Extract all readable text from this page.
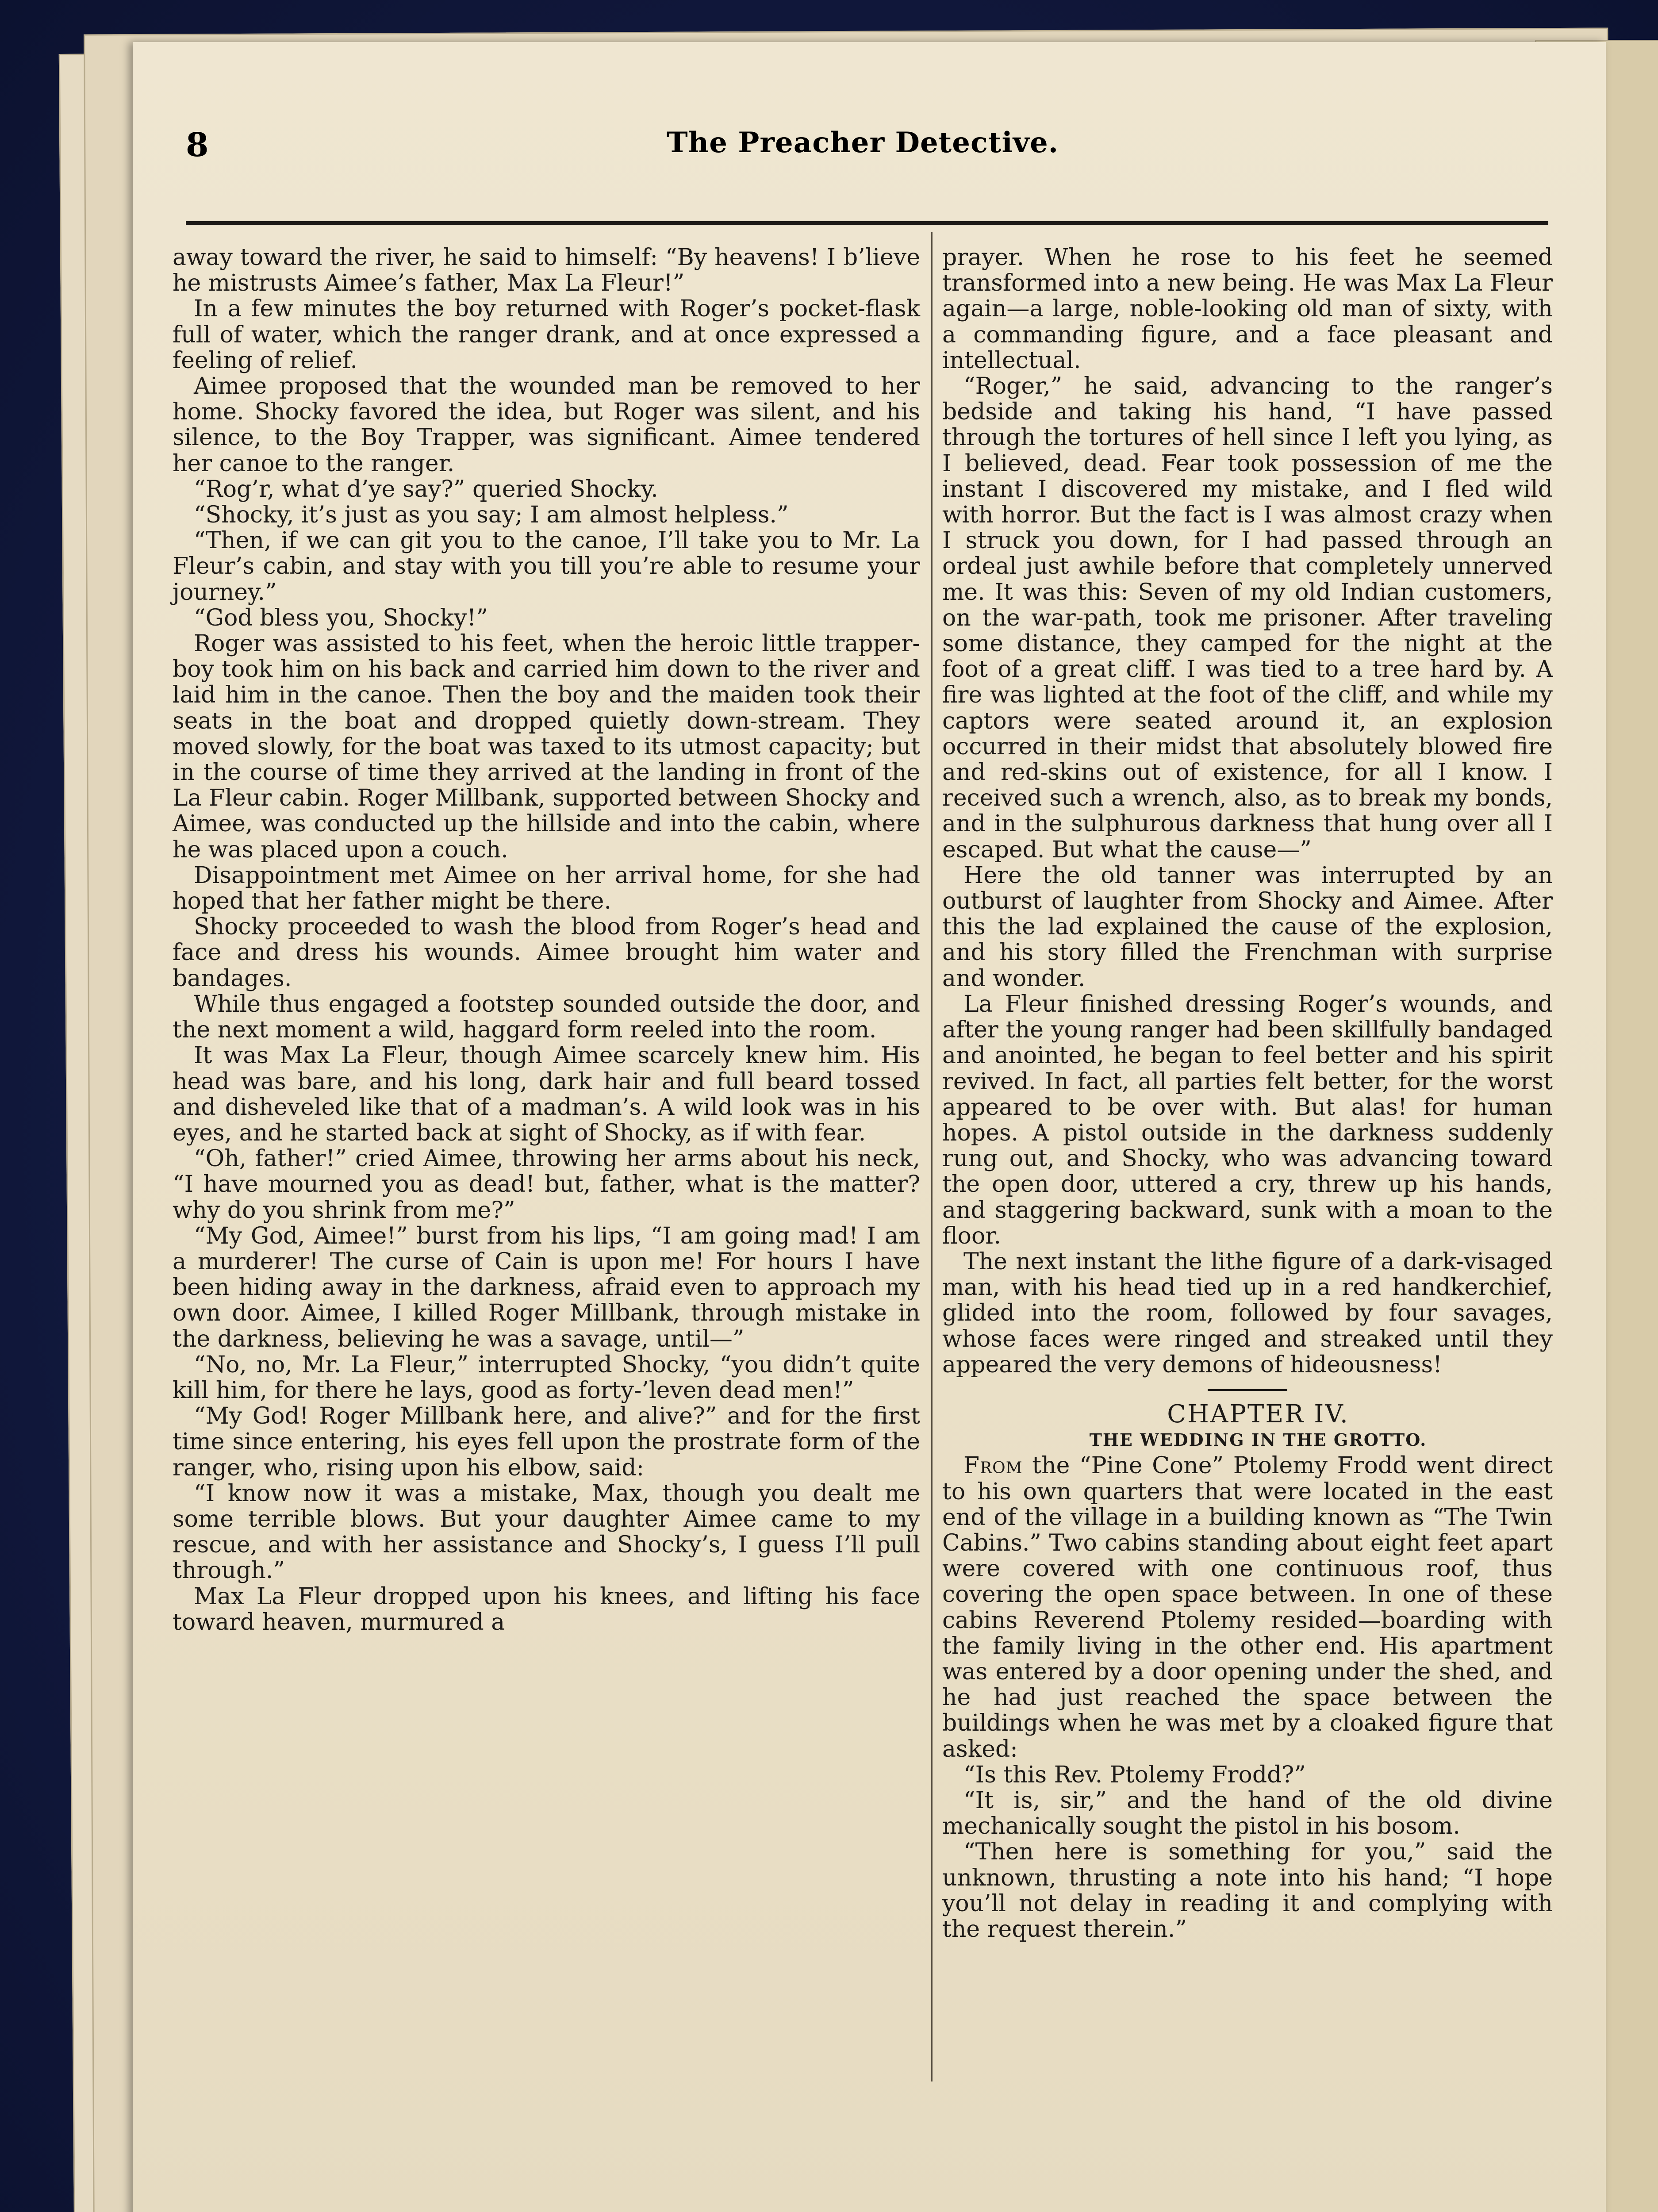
8	The Preacher Detective.

away toward the river, he said to himself: “By heavens! I b’lieve he mistrusts Aimee’s father, Max La Fleur!”

In a few minutes the boy returned with Roger’s pocket-flask full of water, which the ranger drank, and at once expressed a feeling of relief.

Aimee proposed that the wounded man be removed to her home. Shocky favored the idea, but Roger was silent, and his silence, to the Boy Trapper, was significant. Aimee tendered her canoe to the ranger.

“Rog’r, what d’ye say?” queried Shocky.

“Shocky, it’s just as you say; I am almost helpless.”

“Then, if we can git you to the canoe, I’ll take you to Mr. La Fleur’s cabin, and stay with you till you’re able to resume your journey.”

“God bless you, Shocky!”

Roger was assisted to his feet, when the heroic little trapper-boy took him on his back and carried him down to the river and laid him in the canoe. Then the boy and the maiden took their seats in the boat and dropped quietly down-stream. They moved slowly, for the boat was taxed to its utmost capacity; but in the course of time they arrived at the landing in front of the La Fleur cabin. Roger Millbank, supported between Shocky and Aimee, was conducted up the hillside and into the cabin, where he was placed upon a couch.

Disappointment met Aimee on her arrival home, for she had hoped that her father might be there.

Shocky proceeded to wash the blood from Roger’s head and face and dress his wounds. Aimee brought him water and bandages.

While thus engaged a footstep sounded outside the door, and the next moment a wild, haggard form reeled into the room.

It was Max La Fleur, though Aimee scarcely knew him. His head was bare, and his long, dark hair and full beard tossed and disheveled like that of a madman’s. A wild look was in his eyes, and he started back at sight of Shocky, as if with fear.

“Oh, father!” cried Aimee, throwing her arms about his neck, “I have mourned you as dead! but, father, what is the matter? why do you shrink from me?”

“My God, Aimee!” burst from his lips, “I am going mad! I am a murderer! The curse of Cain is upon me! For hours I have been hiding away in the darkness, afraid even to approach my own door. Aimee, I killed Roger Millbank, through mistake in the darkness, believing he was a savage, until—”

“No, no, Mr. La Fleur,” interrupted Shocky, “you didn’t quite kill him, for there he lays, good as forty-’leven dead men!”

“My God! Roger Millbank here, and alive?” and for the first time since entering, his eyes fell upon the prostrate form of the ranger, who, rising upon his elbow, said:

“I know now it was a mistake, Max, though you dealt me some terrible blows. But your daughter Aimee came to my rescue, and with her assistance and Shocky’s, I guess I’ll pull through.”

Max La Fleur dropped upon his knees, and lifting his face toward heaven, murmured a

prayer. When he rose to his feet he seemed transformed into a new being. He was Max La Fleur again—a large, noble-looking old man of sixty, with a commanding figure, and a face pleasant and intellectual.

“Roger,” he said, advancing to the ranger’s bedside and taking his hand, “I have passed through the tortures of hell since I left you lying, as I believed, dead. Fear took possession of me the instant I discovered my mistake, and I fled wild with horror. But the fact is I was almost crazy when I struck you down, for I had passed through an ordeal just awhile before that completely unnerved me. It was this: Seven of my old Indian customers, on the war-path, took me prisoner. After traveling some distance, they camped for the night at the foot of a great cliff. I was tied to a tree hard by. A fire was lighted at the foot of the cliff, and while my captors were seated around it, an explosion occurred in their midst that absolutely blowed fire and red-skins out of existence, for all I know. I received such a wrench, also, as to break my bonds, and in the sulphurous darkness that hung over all I escaped. But what the cause—”

Here the old tanner was interrupted by an outburst of laughter from Shocky and Aimee. After this the lad explained the cause of the explosion, and his story filled the Frenchman with surprise and wonder.

La Fleur finished dressing Roger’s wounds, and after the young ranger had been skillfully bandaged and anointed, he began to feel better and his spirit revived. In fact, all parties felt better, for the worst appeared to be over with. But alas! for human hopes. A pistol outside in the darkness suddenly rung out, and Shocky, who was advancing toward the open door, uttered a cry, threw up his hands, and staggering backward, sunk with a moan to the floor.

The next instant the lithe figure of a dark-visaged man, with his head tied up in a red handkerchief, glided into the room, followed by four savages, whose faces were ringed and streaked until they appeared the very demons of hideousness!

CHAPTER IV.

THE WEDDING IN THE GROTTO.

From the “Pine Cone” Ptolemy Frodd went direct to his own quarters that were located in the east end of the village in a building known as “The Twin Cabins.” Two cabins standing about eight feet apart were covered with one continuous roof, thus covering the open space between. In one of these cabins Reverend Ptolemy resided—boarding with the family living in the other end. His apartment was entered by a door opening under the shed, and he had just reached the space between the buildings when he was met by a cloaked figure that asked:

“Is this Rev. Ptolemy Frodd?”

“It is, sir,” and the hand of the old divine mechanically sought the pistol in his bosom.

“Then here is something for you,” said the unknown, thrusting a note into his hand; “I hope you’ll not delay in reading it and complying with the request therein.”
